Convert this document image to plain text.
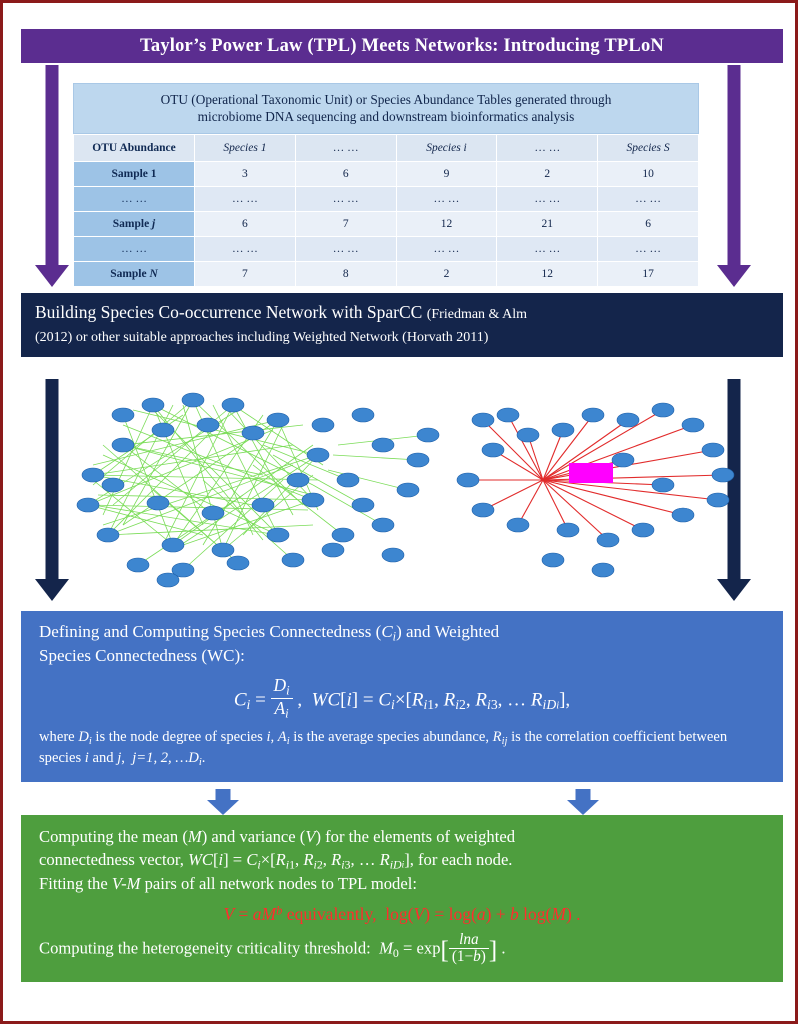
Taylor’s Power Law (TPL) Meets Networks: Introducing TPLoN
OTU (Operational Taxonomic Unit) or Species Abundance Tables generated through
microbiome DNA sequencing and downstream bioinformatics analysis
OTU Abundance	Species 1	… …	Species i	… …	Species S
Sample 1	3	6	9	2	10
… …	… …	… …	… …	… …	… …
Sample j	6	7	12	21	6
… …	… …	… …	… …	… …	… …
Sample N	7	8	2	12	17
Building Species Co-occurrence Network with SparCC (Friedman & Alm
(2012) or other suitable approaches including Weighted Network (Horvath 2011)
Defining and Computing Species Connectedness $(C_i)$ and Weighted
Species Connectedness (WC):
$C_i = \frac{D_i}{A_i}$ ,  $WC[i] = C_i\times[R_{i1}$, $R_{i2}$, $R_{i3}$, … $R_{iDi}$],
where $D_i$ is the node degree of species i, $A_i$ is the average species abundance, $R_{ij}$ is the correlation coefficient between species i and j,  j=1, 2, $\dots D_i$.
Computing the mean (M) and variance (V) for the elements of weighted
connectedness vector, $WC[i] = C_i\times[R_{i1}$, $R_{i2}$, $R_{i3}$, … $R_{iDi}$], for each node.
Fitting the V-M pairs of all network nodes to TPL model:
$V = aM^b$ equivalently,  log(V) = log(a) + b log(M) .
Computing the heterogeneity criticality threshold:  $M_0 = \exp[ \frac{\ln a}{(1-b)}$ ] .
